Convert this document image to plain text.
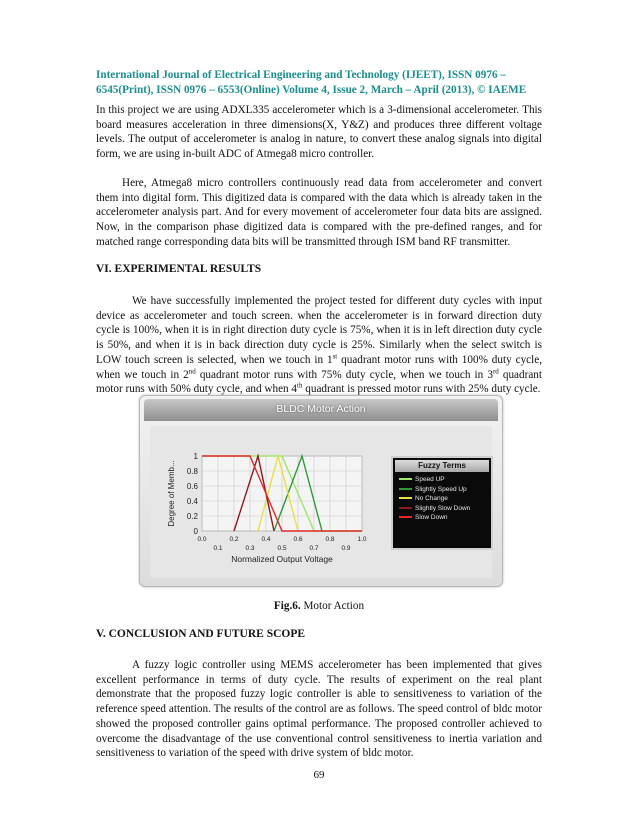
International Journal of Electrical Engineering and Technology (IJEET), ISSN 0976 –
6545(Print), ISSN 0976 – 6553(Online) Volume 4, Issue 2, March – April (2013), © IAEME
In this project we are using ADXL335 accelerometer which is a 3-dimensional accelerometer. This board measures acceleration in three dimensions(X, Y&Z) and produces three different voltage levels. The output of accelerometer is analog in nature, to convert these analog signals into digital form, we are using in-built ADC of Atmega8 micro controller.
Here, Atmega8 micro controllers continuously read data from accelerometer and convert them into digital form. This digitized data is compared with the data which is already taken in the accelerometer analysis part. And for every movement of accelerometer four data bits are assigned. Now, in the comparison phase digitized data is compared with the pre-defined ranges, and for matched range corresponding data bits will be transmitted through ISM band RF transmitter.
VI. EXPERIMENTAL RESULTS
We have successfully implemented the project tested for different duty cycles with input device as accelerometer and touch screen. when the accelerometer is in forward direction duty cycle is 100%, when it is in right direction duty cycle is 75%, when it is in left direction duty cycle is 50%, and when it is in back direction duty cycle is 25%. Similarly when the select switch is LOW touch screen is selected, when we touch in 1st quadrant motor runs with 100% duty cycle, when we touch in 2nd quadrant motor runs with 75% duty cycle, when we touch in 3rd quadrant motor runs with 50% duty cycle, and when 4th quadrant is pressed motor runs with 25% duty cycle.
BLDC Motor Action
1
0.8
0.6
0.4
0.2
0
0.0	0.2	0.4	0.6	0.8	1.0
0.1	0.3	0.5	0.7	0.9
Normalized Output Voltage
Degree of Memb...	Fuzzy Terms
Speed UP
Slightly Speed Up
No Change
Slightly Slow Down
Slow Down
Fig.6. Motor Action
V. CONCLUSION AND FUTURE SCOPE
A fuzzy logic controller using MEMS accelerometer has been implemented that gives excellent performance in terms of duty cycle. The results of experiment on the real plant demonstrate that the proposed fuzzy logic controller is able to sensitiveness to variation of the reference speed attention. The results of the control are as follows. The speed control of bldc motor showed the proposed controller gains optimal performance. The proposed controller achieved to overcome the disadvantage of the use conventional control sensitiveness to inertia variation and sensitiveness to variation of the speed with drive system of bldc motor.
69
